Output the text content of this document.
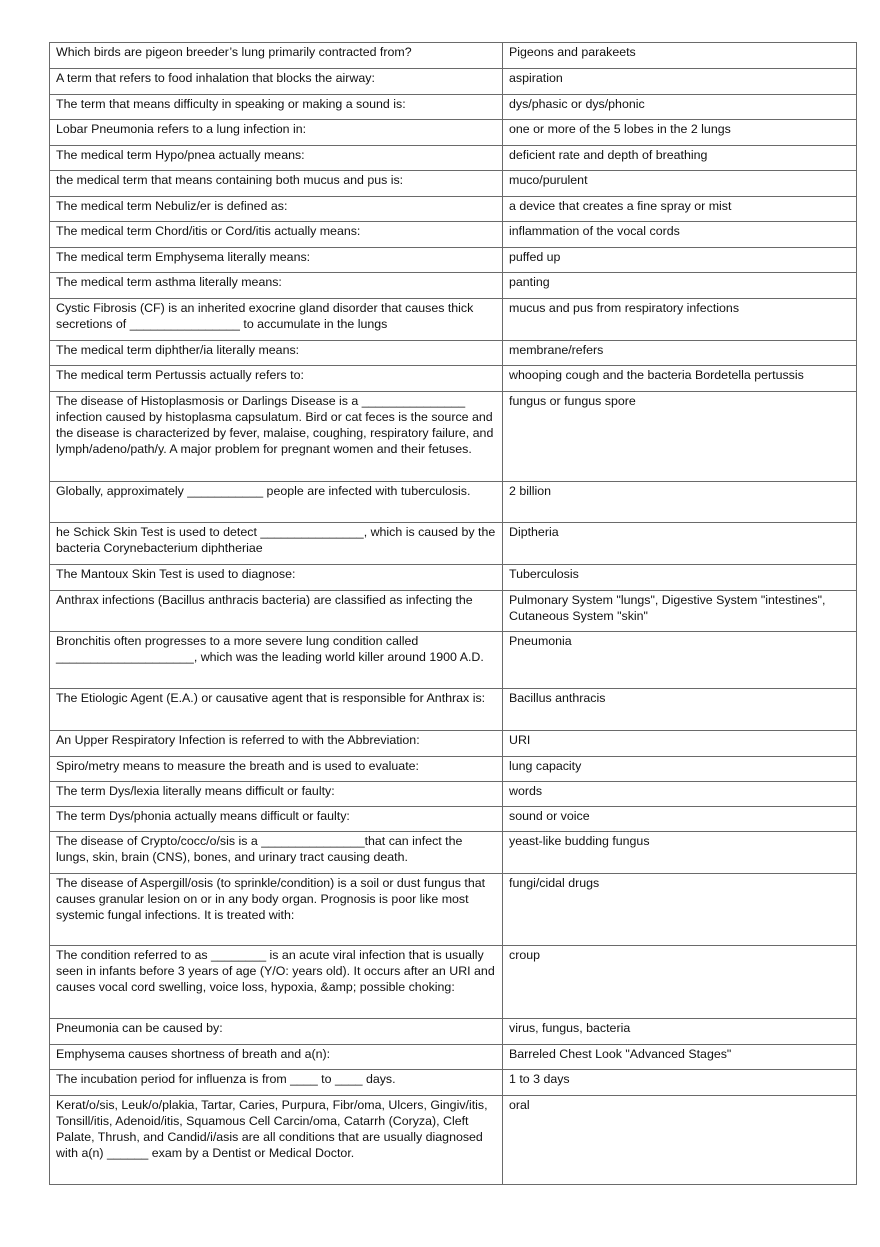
Which birds are pigeon breeder’s lung primarily contracted from?	Pigeons and parakeets
A term that refers to food inhalation that blocks the airway:	aspiration
The term that means difficulty in speaking or making a sound is:	dys/phasic or dys/phonic
Lobar Pneumonia refers to a lung infection in:	one or more of the 5 lobes in the 2 lungs
The medical term Hypo/pnea actually means:	deficient rate and depth of breathing
the medical term that means containing both mucus and pus is:	muco/purulent
The medical term Nebuliz/er is defined as:	a device that creates a fine spray or mist
The medical term Chord/itis or Cord/itis actually means:	inflammation of the vocal cords
The medical term Emphysema literally means:	puffed up
The medical term asthma literally means:	panting
Cystic Fibrosis (CF) is an inherited exocrine gland disorder that causes thick secretions of ________________ to accumulate in the lungs	mucus and pus from respiratory infections
The medical term diphther/ia literally means:	membrane/refers
The medical term Pertussis actually refers to:	whooping cough and the bacteria Bordetella pertussis
The disease of Histoplasmosis or Darlings Disease is a _______________ infection caused by histoplasma capsulatum. Bird or cat feces is the source and the disease is characterized by fever, malaise, coughing, respiratory failure, and lymph/adeno/path/y. A major problem for pregnant women and their fetuses.	fungus or fungus spore
Globally, approximately ___________ people are infected with tuberculosis.	2 billion
he Schick Skin Test is used to detect _______________, which is caused by the bacteria Corynebacterium diphtheriae	Diptheria
The Mantoux Skin Test is used to diagnose:	Tuberculosis
Anthrax infections (Bacillus anthracis bacteria) are classified as infecting the	Pulmonary System "lungs", Digestive System "intestines", Cutaneous System "skin"
Bronchitis often progresses to a more severe lung condition called ____________________, which was the leading world killer around 1900 A.D.	Pneumonia
The Etiologic Agent (E.A.) or causative agent that is responsible for Anthrax is:	Bacillus anthracis
An Upper Respiratory Infection is referred to with the Abbreviation:	URI
Spiro/metry means to measure the breath and is used to evaluate:	lung capacity
The term Dys/lexia literally means difficult or faulty:	words
The term Dys/phonia actually means difficult or faulty:	sound or voice
The disease of Crypto/cocc/o/sis is a _______________that can infect the lungs, skin, brain (CNS), bones, and urinary tract causing death.	yeast-like budding fungus
The disease of Aspergill/osis (to sprinkle/condition) is a soil or dust fungus that causes granular lesion on or in any body organ. Prognosis is poor like most systemic fungal infections. It is treated with:	fungi/cidal drugs
The condition referred to as ________ is an acute viral infection that is usually seen in infants before 3 years of age (Y/O: years old). It occurs after an URI and causes vocal cord swelling, voice loss, hypoxia, &amp; possible choking:	croup
Pneumonia can be caused by:	virus, fungus, bacteria
Emphysema causes shortness of breath and a(n):	Barreled Chest Look "Advanced Stages"
The incubation period for influenza is from ____ to ____ days.	1 to 3 days
Kerat/o/sis, Leuk/o/plakia, Tartar, Caries, Purpura, Fibr/oma, Ulcers, Gingiv/itis, Tonsill/itis, Adenoid/itis, Squamous Cell Carcin/oma, Catarrh (Coryza), Cleft Palate, Thrush, and Candid/i/asis are all conditions that are usually diagnosed with a(n) ______ exam by a Dentist or Medical Doctor.	oral
